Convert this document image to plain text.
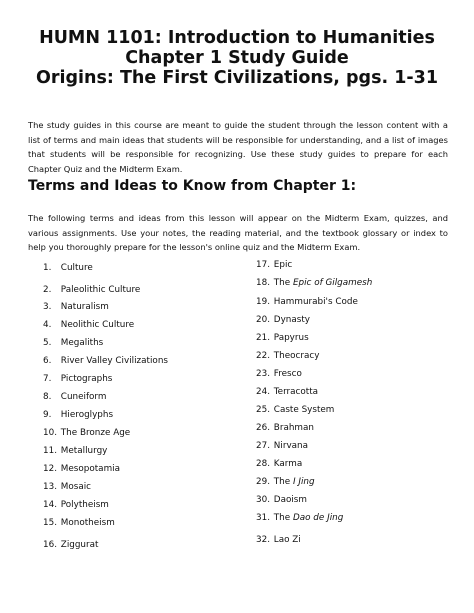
HUMN 1101: Introduction to Humanities
Chapter 1 Study Guide
Origins: The First Civilizations, pgs. 1-31

The study guides in this course are meant to guide the student through the lesson content with a list of terms and main ideas that students will be responsible for understanding, and a list of images that students will be responsible for recognizing. Use these study guides to prepare for each Chapter Quiz and the Midterm Exam.

Terms and Ideas to Know from Chapter 1:

The following terms and ideas from this lesson will appear on the Midterm Exam, quizzes, and various assignments. Use your notes, the reading material, and the textbook glossary or index to help you thoroughly prepare for the lesson's online quiz and the Midterm Exam.

1. Culture
2. Paleolithic Culture
3. Naturalism
4. Neolithic Culture
5. Megaliths
6. River Valley Civilizations
7. Pictographs
8. Cuneiform
9. Hieroglyphs
10. The Bronze Age
11. Metallurgy
12. Mesopotamia
13. Mosaic
14. Polytheism
15. Monotheism
16. Ziggurat
17. Epic
18. The Epic of Gilgamesh
19. Hammurabi's Code
20. Dynasty
21. Papyrus
22. Theocracy
23. Fresco
24. Terracotta
25. Caste System
26. Brahman
27. Nirvana
28. Karma
29. The I Jing
30. Daoism
31. The Dao de Jing
32. Lao Zi
